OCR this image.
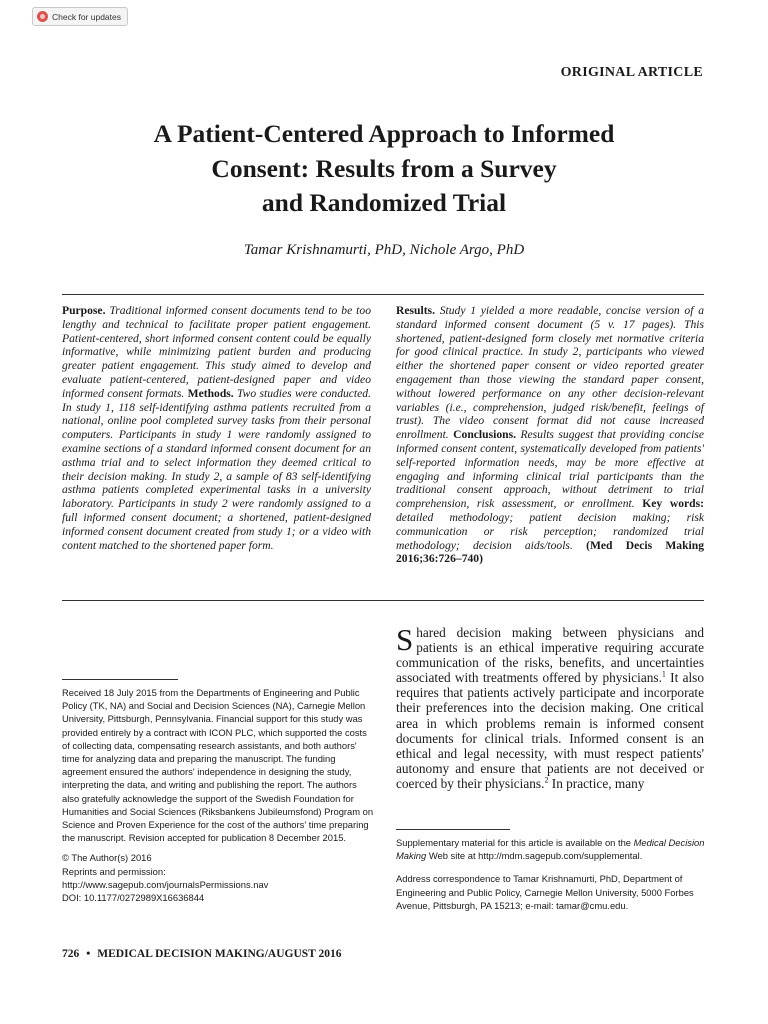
Check for updates
ORIGINAL ARTICLE
A Patient-Centered Approach to Informed
Consent: Results from a Survey
and Randomized Trial
Tamar Krishnamurti, PhD, Nichole Argo, PhD
Purpose. Traditional informed consent documents tend to be too lengthy and technical to facilitate proper patient engagement. Patient-centered, short informed consent content could be equally informative, while minimizing patient burden and producing greater patient engagement. This study aimed to develop and evaluate patient-centered, patient-designed paper and video informed consent formats. Methods. Two studies were conducted. In study 1, 118 self-identifying asthma patients recruited from a national, online pool completed survey tasks from their personal computers. Participants in study 1 were randomly assigned to examine sections of a standard informed consent document for an asthma trial and to select information they deemed critical to their decision making. In study 2, a sample of 83 self-identifying asthma patients completed experimental tasks in a university laboratory. Participants in study 2 were randomly assigned to a full informed consent document; a shortened, patient-designed informed consent document created from study 1; or a video with content matched to the shortened paper form.
Results. Study 1 yielded a more readable, concise version of a standard informed consent document (5 v. 17 pages). This shortened, patient-designed form closely met normative criteria for good clinical practice. In study 2, participants who viewed either the shortened paper consent or video reported greater engagement than those viewing the standard paper consent, without lowered performance on any other decision-relevant variables (i.e., comprehension, judged risk/benefit, feelings of trust). The video consent format did not cause increased enrollment. Conclusions. Results suggest that providing concise informed consent content, systematically developed from patients' self-reported information needs, may be more effective at engaging and informing clinical trial participants than the traditional consent approach, without detriment to trial comprehension, risk assessment, or enrollment. Key words: detailed methodology; patient decision making; risk communication or risk perception; randomized trial methodology; decision aids/tools. (Med Decis Making 2016;36:726–740)
Shared decision making between physicians and patients is an ethical imperative requiring accurate communication of the risks, benefits, and uncertainties associated with treatments offered by physicians.$^1$ It also requires that patients actively participate and incorporate their preferences into the decision making. One critical area in which problems remain is informed consent documents for clinical trials. Informed consent is an ethical and legal necessity, with must respect patients' autonomy and ensure that patients are not deceived or coerced by their physicians.$^2$ In practice, many

Received 18 July 2015 from the Departments of Engineering and Public Policy (TK, NA) and Social and Decision Sciences (NA), Carnegie Mellon University, Pittsburgh, Pennsylvania. Financial support for this study was provided entirely by a contract with ICON PLC, which supported the costs of collecting data, compensating research assistants, and both authors' time for analyzing data and preparing the manuscript. The funding agreement ensured the authors' independence in designing the study, interpreting the data, and writing and publishing the report. The authors also gratefully acknowledge the support of the Swedish Foundation for Humanities and Social Sciences (Riksbankens Jubileumsfond) Program on Science and Proven Experience for the cost of the authors' time preparing the manuscript. Revision accepted for publication 8 December 2015.

© The Author(s) 2016
Reprints and permission:
http://www.sagepub.com/journalsPermissions.nav
DOI: 10.1177/0272989X16636844

Supplementary material for this article is available on the Medical Decision Making Web site at http://mdm.sagepub.com/supplemental.

Address correspondence to Tamar Krishnamurti, PhD, Department of Engineering and Public Policy, Carnegie Mellon University, 5000 Forbes Avenue, Pittsburgh, PA 15213; e-mail: tamar@cmu.edu.

726 • MEDICAL DECISION MAKING/AUGUST 2016
